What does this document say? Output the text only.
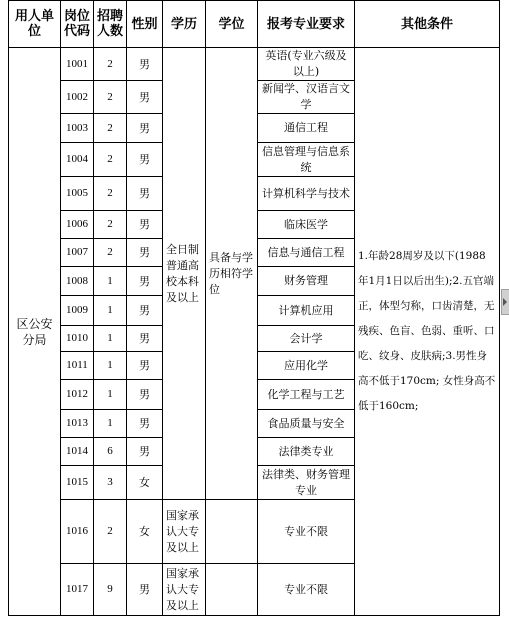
用人单位	岗位代码	招聘人数	性别	学历	学位	报考专业要求	其他条件
区公安分局	1001	2	男	全日制普通高校本科及以上	具备与学历相符学位	英语(专业六级及以上)	1.年龄28周岁及以下(1988年1月1日以后出生);2.五官端正，体型匀称，口齿清楚，无残疾、色盲、色弱、重听、口吃、纹身、皮肤病;3.男性身高不低于170cm; 女性身高不低于160cm;
	1002	2	男			新闻学、汉语言文学	
	1003	2	男			通信工程	
	1004	2	男			信息管理与信息系统	
	1005	2	男			计算机科学与技术	
	1006	2	男			临床医学	
	1007	2	男			信息与通信工程	
	1008	1	男			财务管理	
	1009	1	男			计算机应用	
	1010	1	男			会计学	
	1011	1	男			应用化学	
	1012	1	男			化学工程与工艺	
	1013	1	男			食品质量与安全	
	1014	6	男			法律类专业	
	1015	3	女			法律类、财务管理专业	
	1016	2	女	国家承认大专及以上		专业不限	
	1017	9	男	国家承认大专及以上		专业不限	
